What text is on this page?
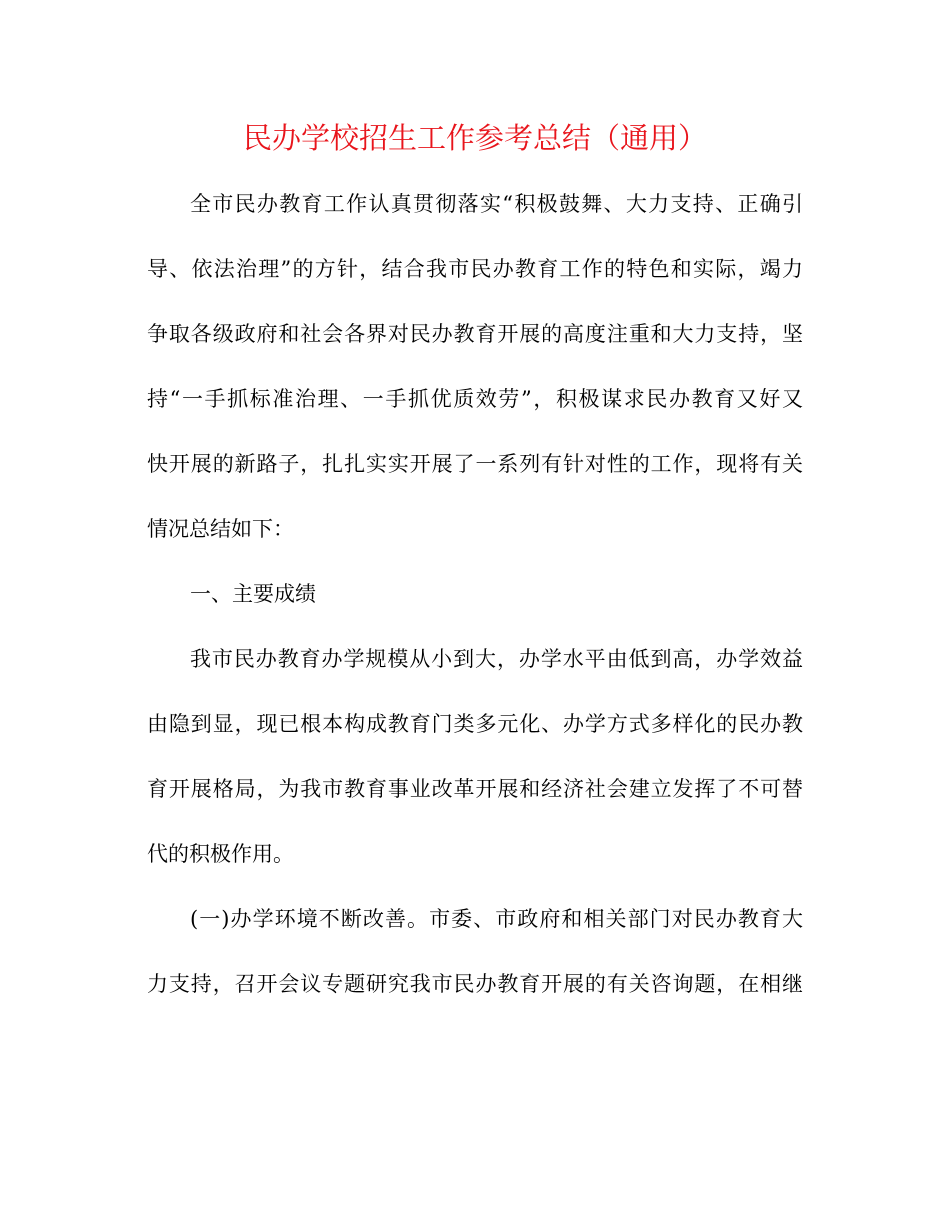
民办学校招生工作参考总结（通用）
全市民办教育工作认真贯彻落实“积极鼓舞、大力支持、正确引
导、依法治理”的方针，结合我市民办教育工作的特色和实际，竭力
争取各级政府和社会各界对民办教育开展的高度注重和大力支持，坚
持“一手抓标准治理、一手抓优质效劳”，积极谋求民办教育又好又
快开展的新路子，扎扎实实开展了一系列有针对性的工作，现将有关
情况总结如下：
一、主要成绩
我市民办教育办学规模从小到大，办学水平由低到高，办学效益
由隐到显，现已根本构成教育门类多元化、办学方式多样化的民办教
育开展格局，为我市教育事业改革开展和经济社会建立发挥了不可替
代的积极作用。
(一)办学环境不断改善。市委、市政府和相关部门对民办教育大
力支持，召开会议专题研究我市民办教育开展的有关咨询题，在相继
